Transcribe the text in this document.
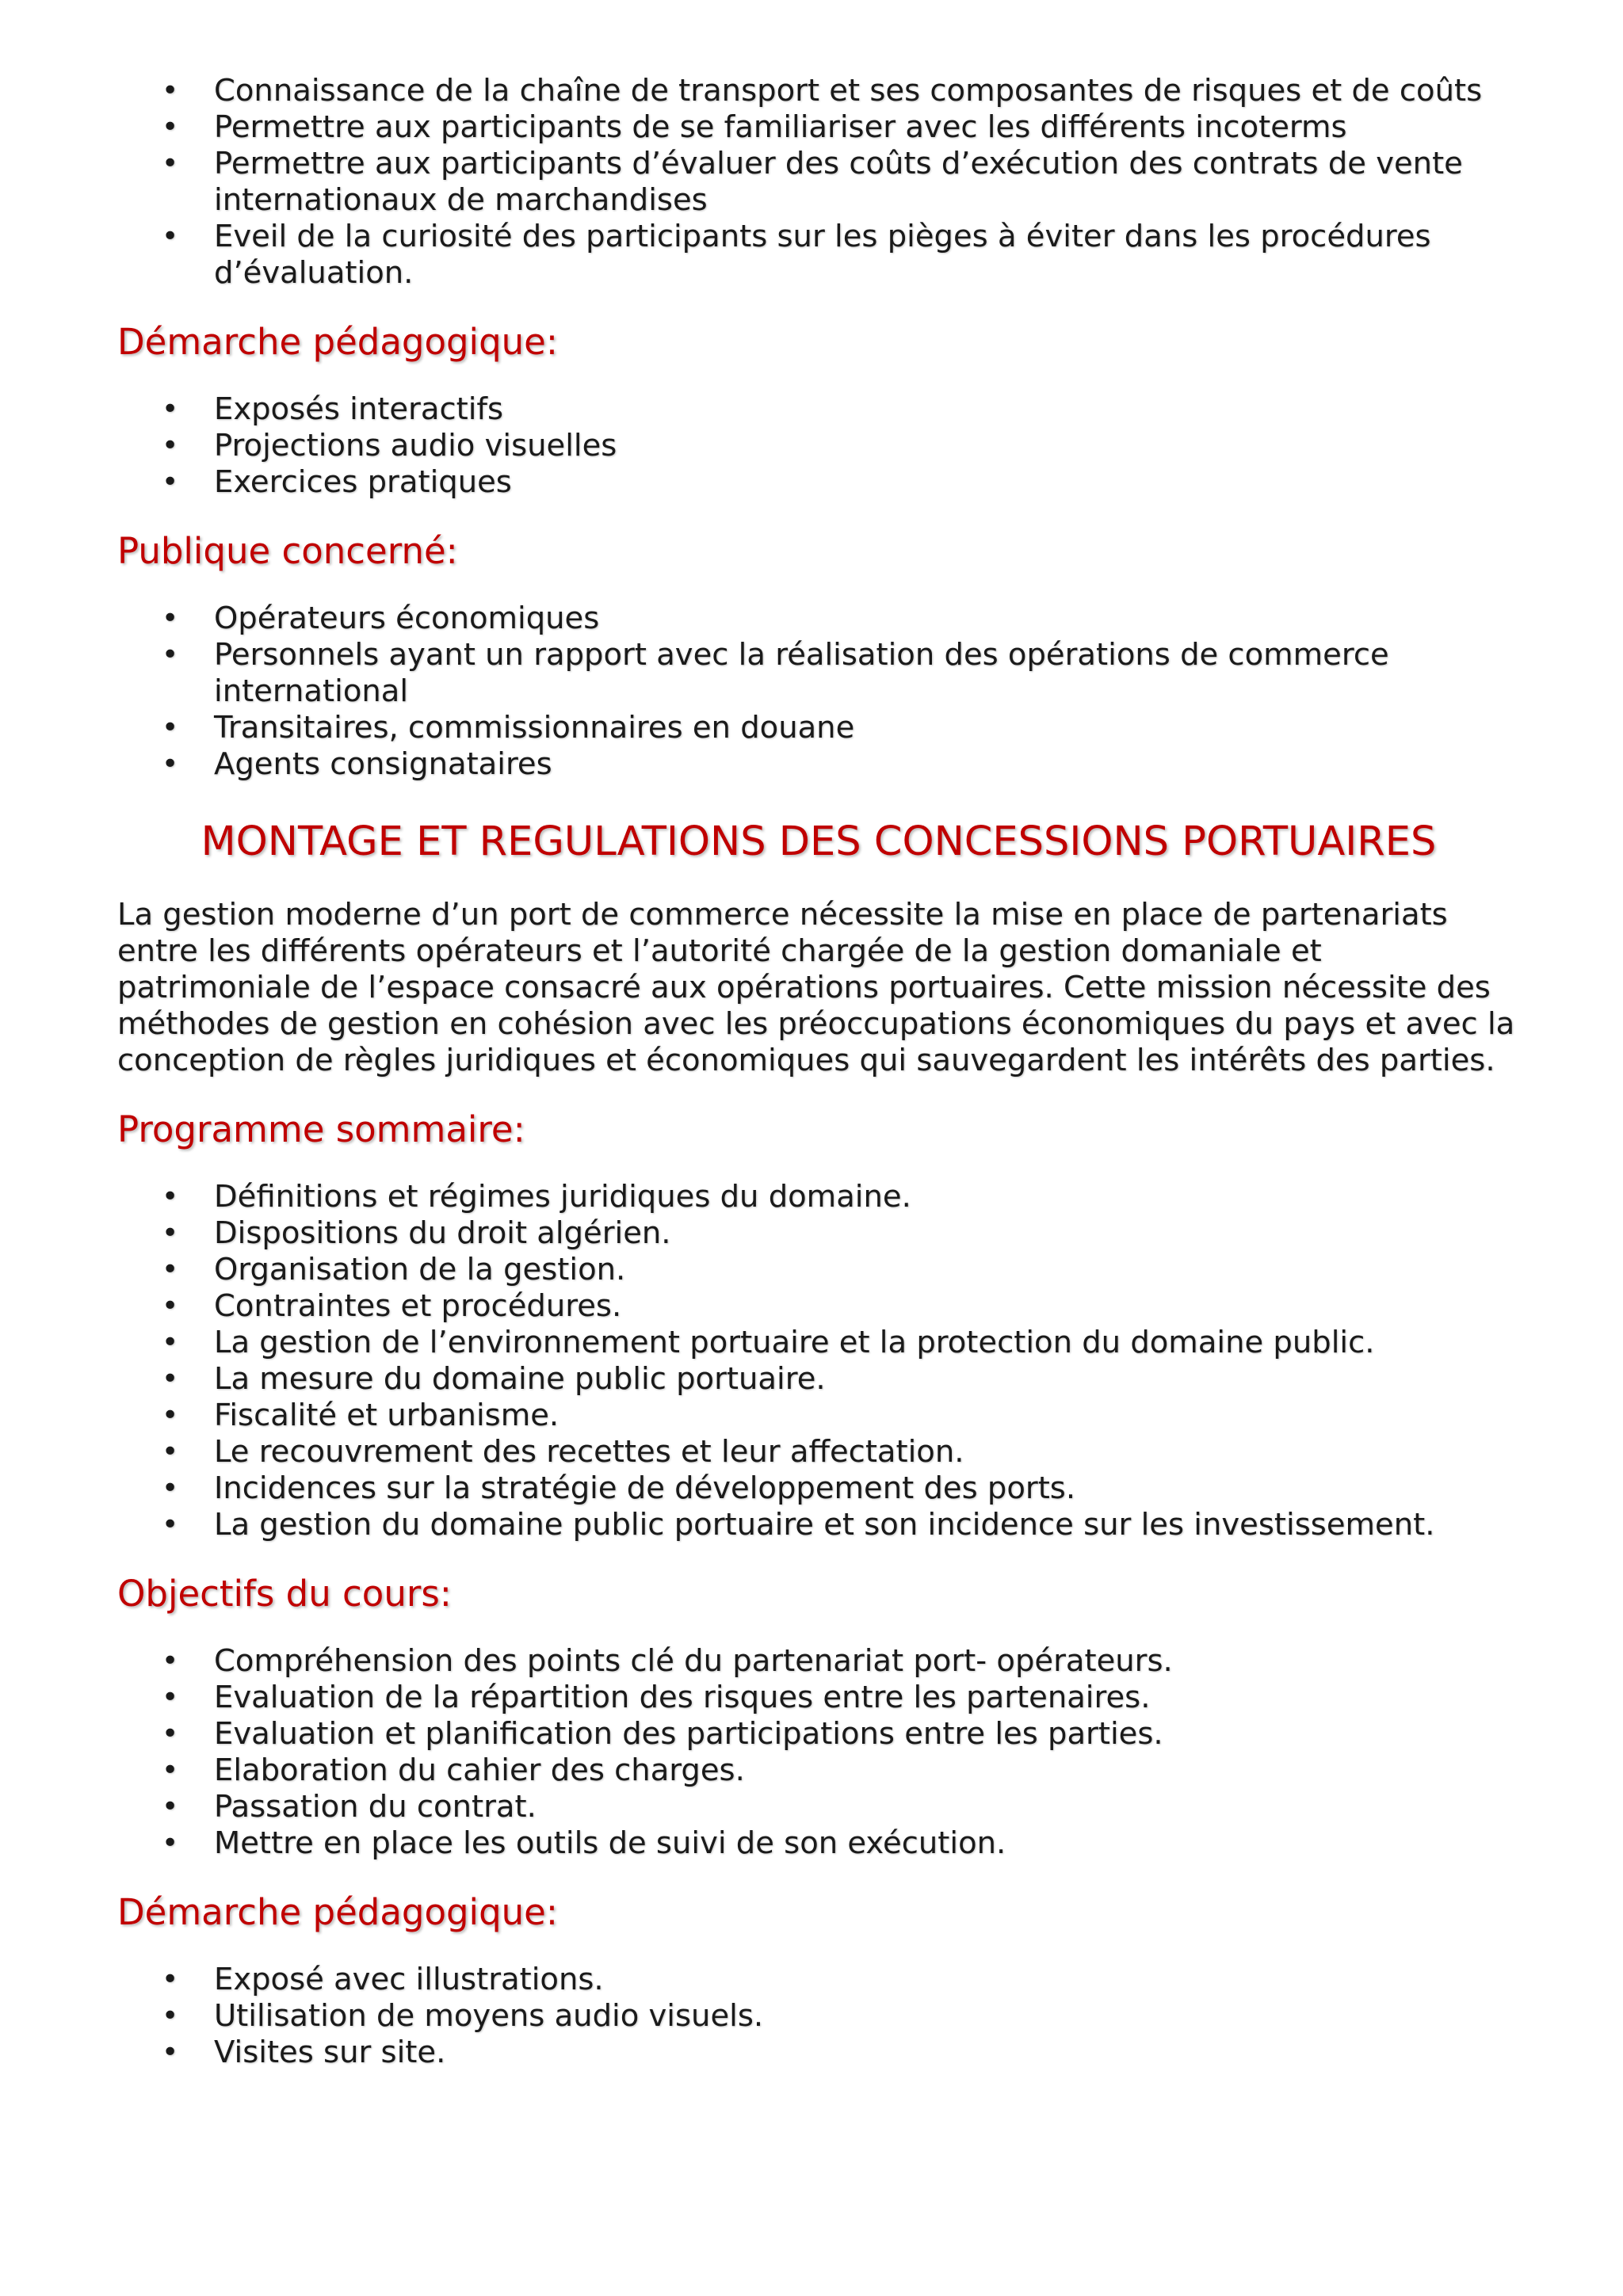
• Connaissance de la chaîne de transport et ses composantes de risques et de coûts
• Permettre aux participants de se familiariser avec les différents incoterms
• Permettre aux participants d’évaluer des coûts d’exécution des contrats de vente internationaux de marchandises
• Eveil de la curiosité des participants sur les pièges à éviter dans les procédures d’évaluation.
Démarche pédagogique:
• Exposés interactifs
• Projections audio visuelles
• Exercices pratiques
Publique concerné:
• Opérateurs économiques
• Personnels ayant un rapport avec la réalisation des opérations de commerce international
• Transitaires, commissionnaires en douane
• Agents consignataires
MONTAGE ET REGULATIONS DES CONCESSIONS PORTUAIRES

La gestion moderne d’un port de commerce nécessite la mise en place de partenariats entre les différents opérateurs et l’autorité chargée de la gestion domaniale et patrimoniale de l’espace consacré aux opérations portuaires. Cette mission nécessite des méthodes de gestion en cohésion avec les préoccupations économiques du pays et avec la conception de règles juridiques et économiques qui sauvegardent les intérêts des parties.

Programme sommaire:
• Définitions et régimes juridiques du domaine.
• Dispositions du droit algérien.
• Organisation de la gestion.
• Contraintes et procédures.
• La gestion de l’environnement portuaire et la protection du domaine public.
• La mesure du domaine public portuaire.
• Fiscalité et urbanisme.
• Le recouvrement des recettes et leur affectation.
• Incidences sur la stratégie de développement des ports.
• La gestion du domaine public portuaire et son incidence sur les investissement.
Objectifs du cours:
• Compréhension des points clé du partenariat port- opérateurs.
• Evaluation de la répartition des risques entre les partenaires.
• Evaluation et planification des participations entre les parties.
• Elaboration du cahier des charges.
• Passation du contrat.
• Mettre en place les outils de suivi de son exécution.
Démarche pédagogique:
• Exposé avec illustrations.
• Utilisation de moyens audio visuels.
• Visites sur site.
